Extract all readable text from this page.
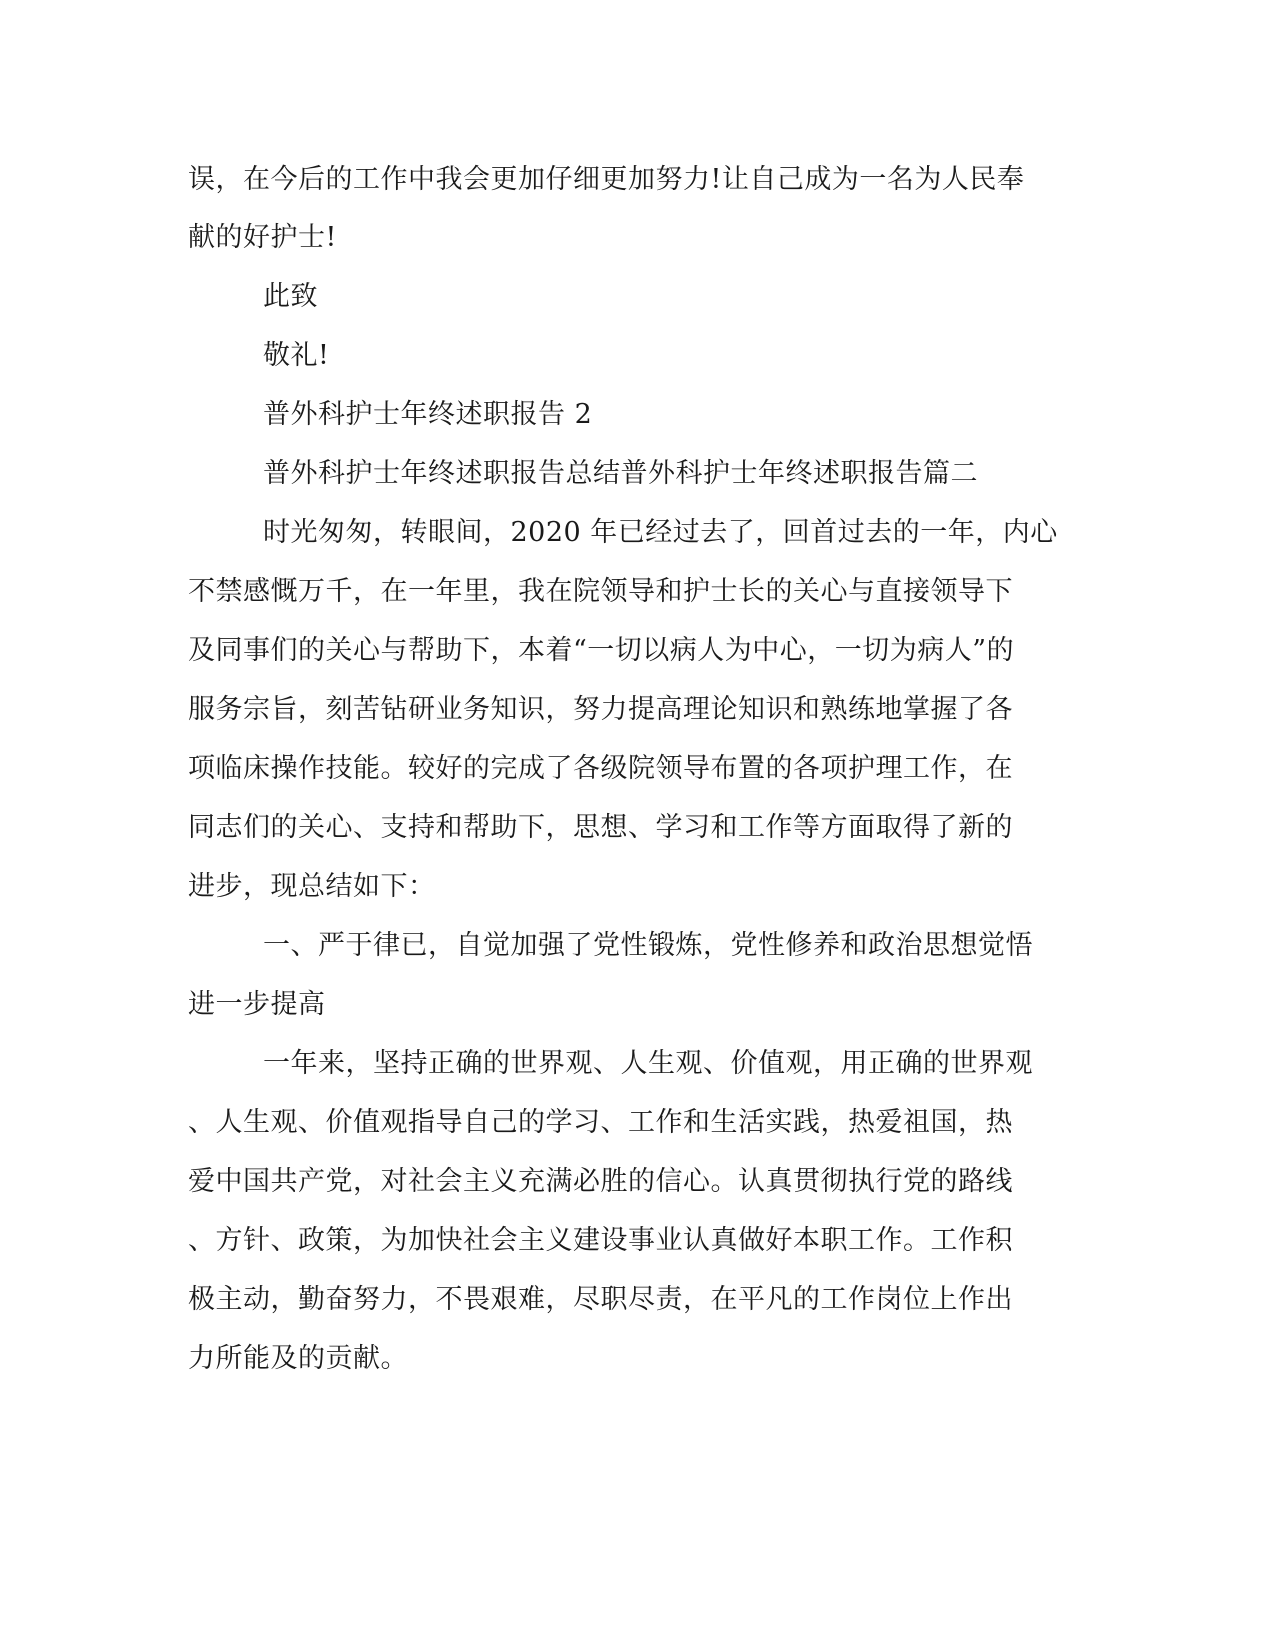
误，在今后的工作中我会更加仔细更加努力!让自己成为一名为人民奉

献的好护士!

此致

敬礼!

普外科护士年终述职报告 2

普外科护士年终述职报告总结普外科护士年终述职报告篇二

时光匆匆，转眼间，2020 年已经过去了，回首过去的一年，内心

不禁感慨万千，在一年里，我在院领导和护士长的关心与直接领导下

及同事们的关心与帮助下，本着“一切以病人为中心，一切为病人”的

服务宗旨，刻苦钻研业务知识，努力提高理论知识和熟练地掌握了各

项临床操作技能。较好的完成了各级院领导布置的各项护理工作，在

同志们的关心、支持和帮助下，思想、学习和工作等方面取得了新的

进步，现总结如下：

一、严于律已，自觉加强了党性锻炼，党性修养和政治思想觉悟

进一步提高

一年来，坚持正确的世界观、人生观、价值观，用正确的世界观

、人生观、价值观指导自己的学习、工作和生活实践，热爱祖国，热

爱中国共产党，对社会主义充满必胜的信心。认真贯彻执行党的路线

、方针、政策，为加快社会主义建设事业认真做好本职工作。工作积

极主动，勤奋努力，不畏艰难，尽职尽责，在平凡的工作岗位上作出

力所能及的贡献。
